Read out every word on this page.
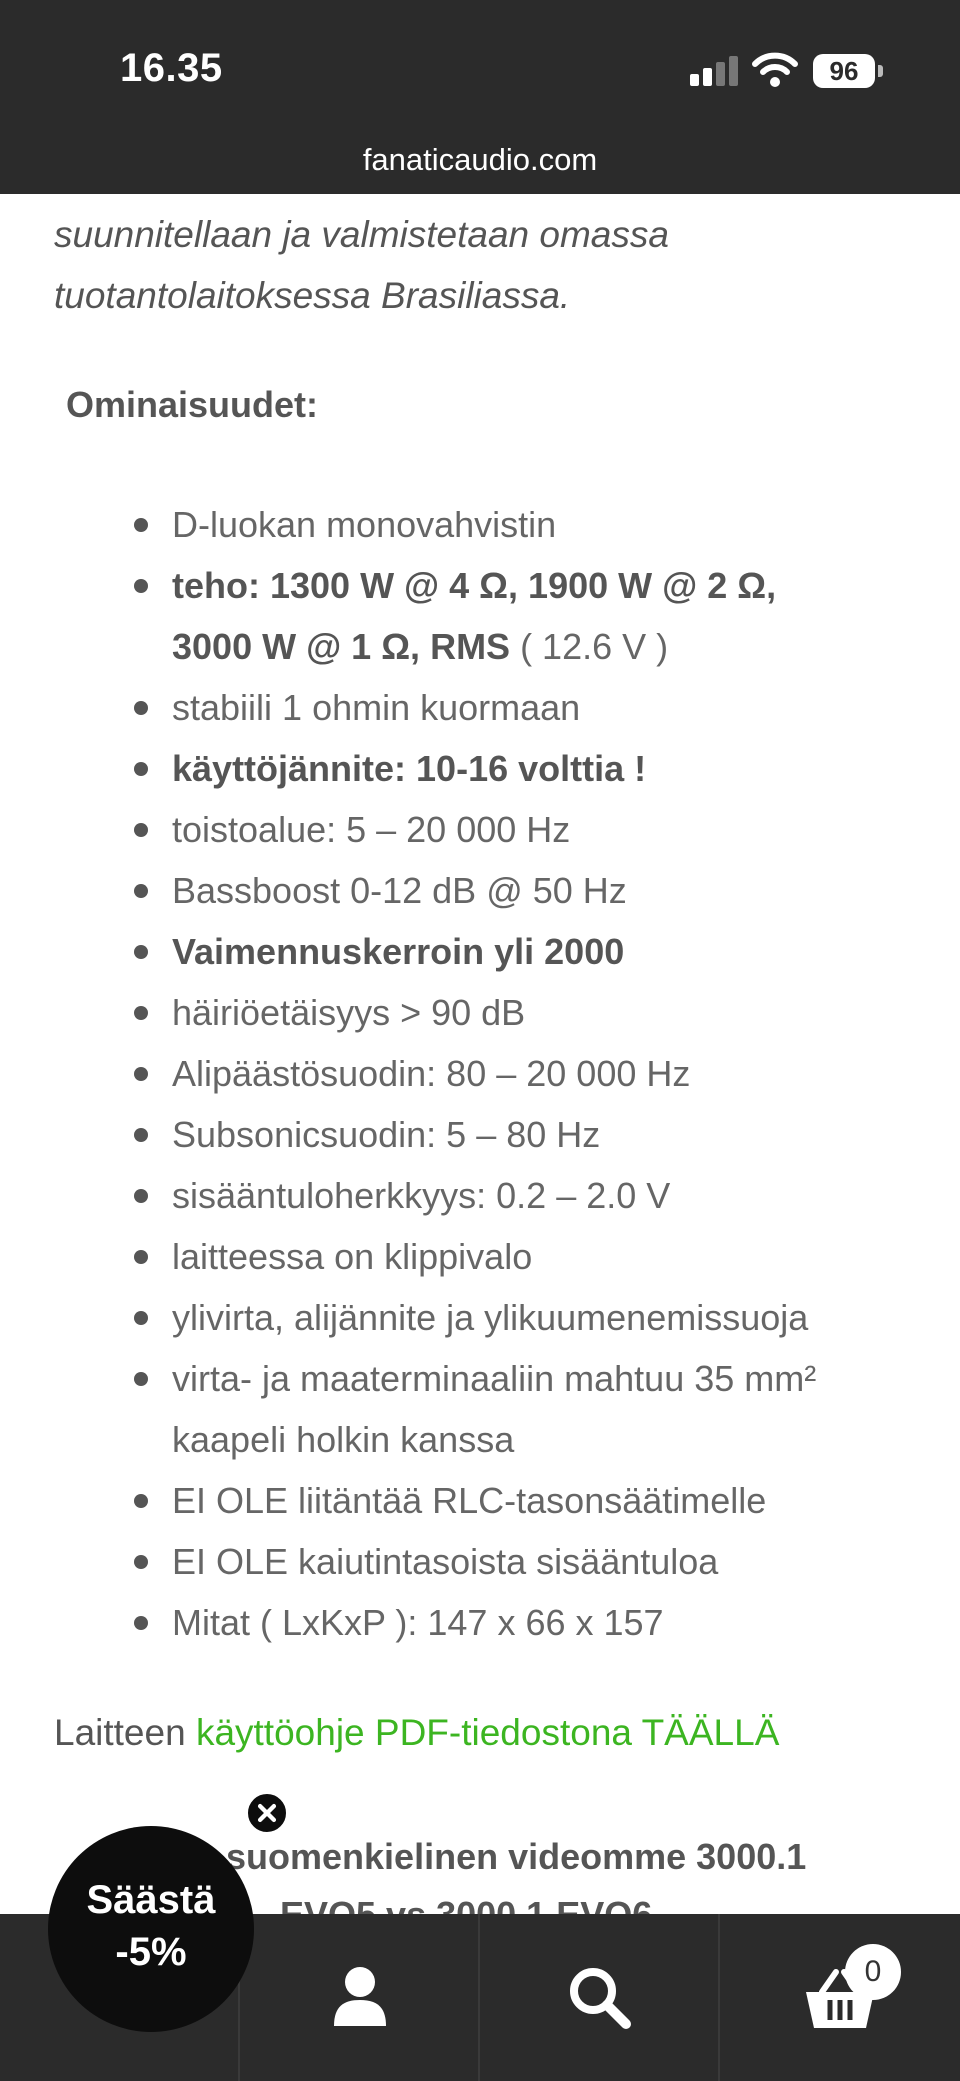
16.35	96
fanaticaudio.com
suunnitellaan ja valmistetaan omassa
tuotantolaitoksessa Brasiliassa.
Ominaisuudet:
D-luokan monovahvistin
teho: 1300 W @ 4 Ω, 1900 W @ 2 Ω,
3000 W @ 1 Ω, RMS ( 12.6 V )
stabiili 1 ohmin kuormaan
käyttöjännite: 10-16 volttia !
toistoalue: 5 – 20 000 Hz
Bassboost 0-12 dB @ 50 Hz
Vaimennuskerroin yli 2000
häiriöetäisyys > 90 dB
Alipäästösuodin: 80 – 20 000 Hz
Subsonicsuodin: 5 – 80 Hz
sisääntuloherkkyys: 0.2 – 2.0 V
laitteessa on klippivalo
ylivirta, alijännite ja ylikuumenemissuoja
virta- ja maaterminaaliin mahtuu 35 mm²
kaapeli holkin kanssa
EI OLE liitäntää RLC-tasonsäätimelle
EI OLE kaiutintasoista sisääntuloa
Mitat ( LxKxP ): 147 x 66 x 157
Laitteen käyttöohje PDF-tiedostona TÄÄLLÄ
suomenkielinen videomme 3000.1
0
Säästä
-5%
